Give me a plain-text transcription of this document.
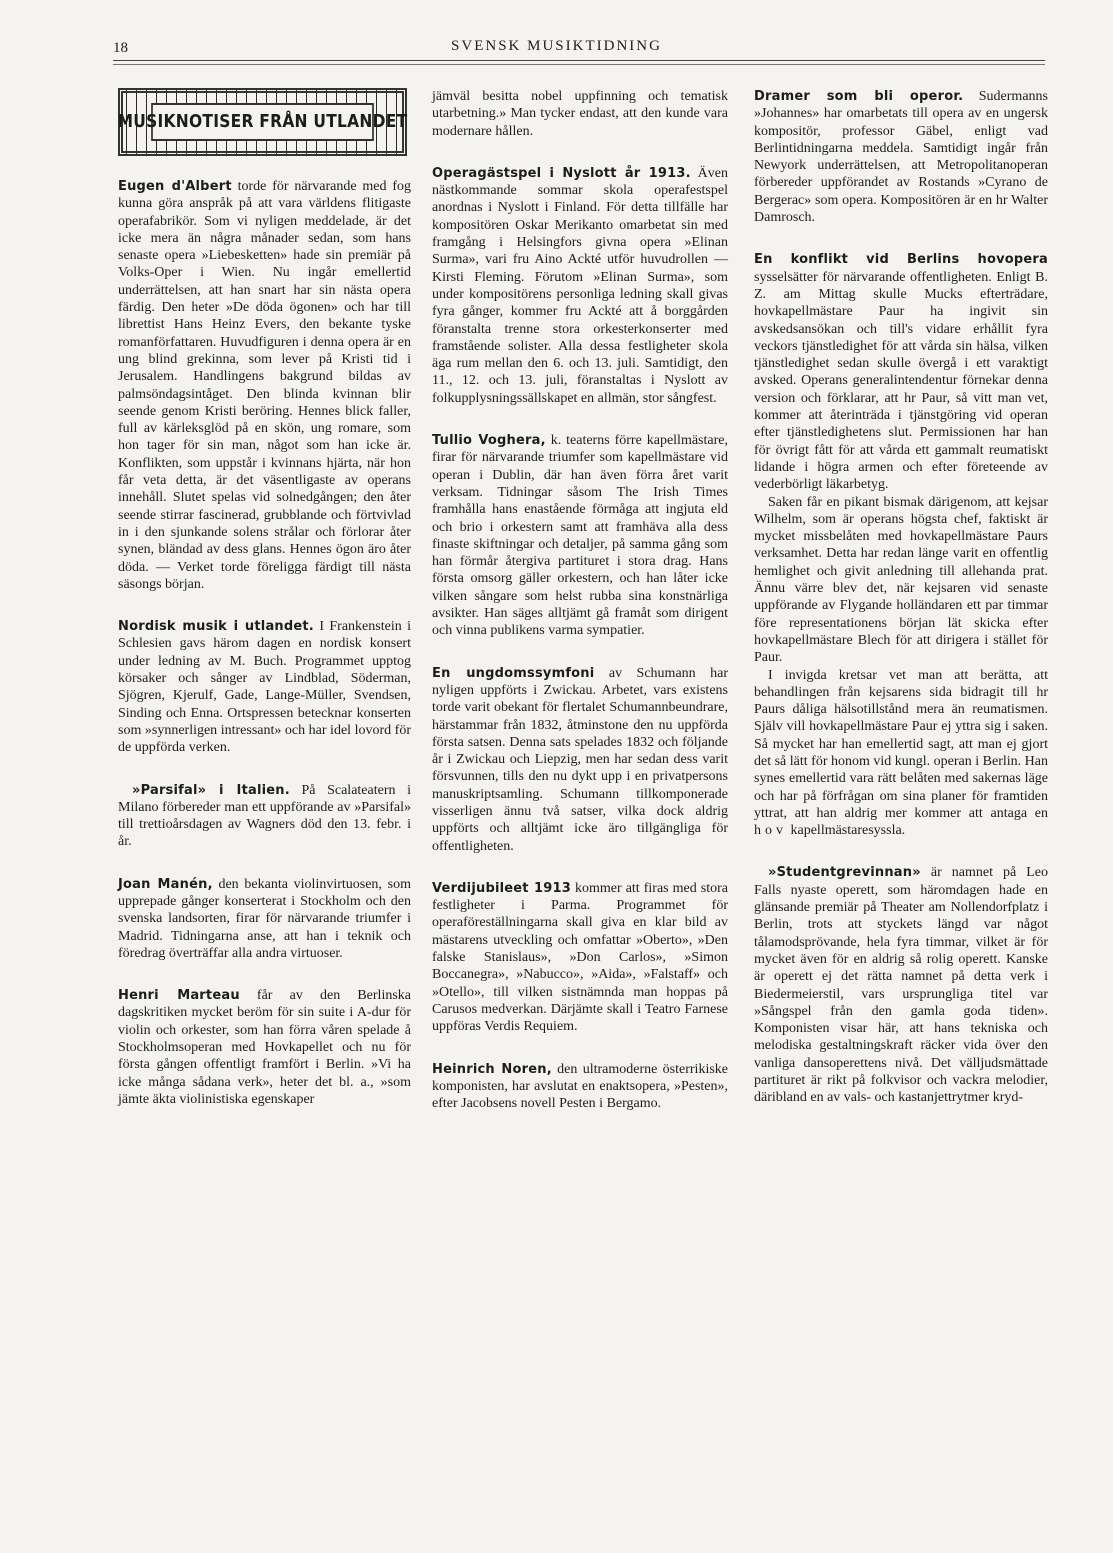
18	SVENSK MUSIKTIDNING
MUSIKNOTISER FRÅN UTLANDET

Eugen d'Albert torde för närvarande med fog kunna göra anspråk på att vara världens flitigaste operafabrikör. Som vi nyligen meddelade, är det icke mera än några månader sedan, som hans senaste opera »Liebesketten» hade sin premiär på Volks-Oper i Wien. Nu ingår emellertid underrättelsen, att han snart har sin nästa opera färdig. Den heter »De döda ögonen» och har till librettist Hans Heinz Evers, den bekante tyske romanförfattaren. Huvudfiguren i denna opera är en ung blind grekinna, som lever på Kristi tid i Jerusalem. Handlingens bakgrund bildas av palmsöndagsintåget. Den blinda kvinnan blir seende genom Kristi beröring. Hennes blick faller, full av kärleksglöd på en skön, ung romare, som hon tager för sin man, något som han icke är. Konflikten, som uppstår i kvinnans hjärta, när hon får veta detta, är det väsentligaste av operans innehåll. Slutet spelas vid solnedgången; den åter seende stirrar fascinerad, grubblande och förtvivlad in i den sjunkande solens strålar och förlorar åter synen, bländad av dess glans. Hennes ögon äro åter döda. — Verket torde föreligga färdigt till nästa säsongs början.

Nordisk musik i utlandet. I Frankenstein i Schlesien gavs härom dagen en nordisk konsert under ledning av M. Buch. Programmet upptog körsaker och sånger av Lindblad, Söderman, Sjögren, Kjerulf, Gade, Lange-Müller, Svendsen, Sinding och Enna. Ortspressen betecknar konserten som »synnerligen intressant» och har idel lovord för de uppförda verken.

»Parsifal» i Italien. På Scalateatern i Milano förbereder man ett uppförande av »Parsifal» till trettioårsdagen av Wagners död den 13. febr. i år.

Joan Manén, den bekanta violinvirtuosen, som upprepade gånger konserterat i Stockholm och den svenska landsorten, firar för närvarande triumfer i Madrid. Tidningarna anse, att han i teknik och föredrag överträffar alla andra virtuoser.

Henri Marteau får av den Berlinska dagskritiken mycket beröm för sin suite i A-dur för violin och orkester, som han förra våren spelade å Stockholmsoperan med Hovkapellet och nu för första gången offentligt framfört i Berlin. »Vi ha icke många sådana verk», heter det bl. a., »som jämte äkta violinistiska egenskaper

jämväl besitta nobel uppfinning och tematisk utarbetning.» Man tycker endast, att den kunde vara modernare hållen.

Operagästspel i Nyslott år 1913. Även nästkommande sommar skola operafestspel anordnas i Nyslott i Finland. För detta tillfälle har kompositören Oskar Merikanto omarbetat sin med framgång i Helsingfors givna opera »Elinan Surma», vari fru Aino Ackté utför huvudrollen — Kirsti Fleming. Förutom »Elinan Surma», som under kompositörens personliga ledning skall givas fyra gånger, kommer fru Ackté att å borggården föranstalta trenne stora orkesterkonserter med framstående solister. Alla dessa festligheter skola äga rum mellan den 6. och 13. juli. Samtidigt, den 11., 12. och 13. juli, föranstaltas i Nyslott av folkupplysningssällskapet en allmän, stor sångfest.

Tullio Voghera, k. teaterns förre kapellmästare, firar för närvarande triumfer som kapellmästare vid operan i Dublin, där han även förra året varit verksam. Tidningar såsom The Irish Times framhålla hans enastående förmåga att ingjuta eld och brio i orkestern samt att framhäva alla dess finaste skiftningar och detaljer, på samma gång som han förmår återgiva partituret i stora drag. Hans första omsorg gäller orkestern, och han låter icke vilken sångare som helst rubba sina konstnärliga avsikter. Han säges alltjämt gå framåt som dirigent och vinna publikens varma sympatier.

En ungdomssymfoni av Schumann har nyligen uppförts i Zwickau. Arbetet, vars existens torde varit obekant för flertalet Schumannbeundrare, härstammar från 1832, åtminstone den nu uppförda första satsen. Denna sats spelades 1832 och följande år i Zwickau och Liepzig, men har sedan dess varit försvunnen, tills den nu dykt upp i en privatpersons manuskriptsamling. Schumann tillkomponerade visserligen ännu två satser, vilka dock aldrig uppförts och alltjämt icke äro tillgängliga för offentligheten.

Verdijubileet 1913 kommer att firas med stora festligheter i Parma. Programmet för operaföreställningarna skall giva en klar bild av mästarens utveckling och omfattar »Oberto», »Den falske Stanislaus», »Don Carlos», »Simon Boccanegra», »Nabucco», »Aida», »Falstaff» och »Otello», till vilken sistnämnda man hoppas på Carusos medverkan. Därjämte skall i Teatro Farnese uppföras Verdis Requiem.

Heinrich Noren, den ultramoderne österrikiske komponisten, har avslutat en enaktsopera, »Pesten», efter Jacobsens novell Pesten i Bergamo.

Dramer som bli operor. Sudermanns »Johannes» har omarbetats till opera av en ungersk kompositör, professor Gäbel, enligt vad Berlintidningarna meddela. Samtidigt ingår från Newyork underrättelsen, att Metropolitanoperan förbereder uppförandet av Rostands »Cyrano de Bergerac» som opera. Kompositören är en hr Walter Damrosch.

En konflikt vid Berlins hovopera sysselsätter för närvarande offentligheten. Enligt B. Z. am Mittag skulle Mucks efterträdare, hovkapellmästare Paur ha ingivit sin avskedsansökan och till's vidare erhållit fyra veckors tjänstledighet för att vårda sin hälsa, vilken tjänstledighet sedan skulle övergå i ett varaktigt avsked. Operans generalintendentur förnekar denna version och förklarar, att hr Paur, så vitt man vet, kommer att återinträda i tjänstgöring vid operan efter tjänstledighetens slut. Permissionen har han för övrigt fått för att vårda ett gammalt reumatiskt lidande i högra armen och efter företeende av vederbörligt läkarbetyg.

Saken får en pikant bismak därigenom, att kejsar Wilhelm, som är operans högsta chef, faktiskt är mycket missbelåten med hovkapellmästare Paurs verksamhet. Detta har redan länge varit en offentlig hemlighet och givit anledning till allehanda prat. Ännu värre blev det, när kejsaren vid senaste uppförande av Flygande holländaren ett par timmar före representationens början lät skicka efter hovkapellmästare Blech för att dirigera i stället för Paur.

I invigda kretsar vet man att berätta, att behandlingen från kejsarens sida bidragit till hr Paurs dåliga hälsotillstånd mera än reumatismen. Själv vill hovkapellmästare Paur ej yttra sig i saken. Så mycket har han emellertid sagt, att man ej gjort det så lätt för honom vid kungl. operan i Berlin. Han synes emellertid vara rätt belåten med sakernas läge och har på förfrågan om sina planer för framtiden yttrat, att han aldrig mer kommer att antaga en hov kapellmästaresyssla.

»Studentgrevinnan» är namnet på Leo Falls nyaste operett, som häromdagen hade en glänsande premiär på Theater am Nollendorfplatz i Berlin, trots att styckets längd var något tålamodsprövande, hela fyra timmar, vilket är för mycket även för en aldrig så rolig operett. Kanske är operett ej det rätta namnet på detta verk i Biedermeierstil, vars ursprungliga titel var »Sångspel från den gamla goda tiden». Komponisten visar här, att hans tekniska och melodiska gestaltningskraft räcker vida över den vanliga dansoperettens nivå. Det välljudsmättade partituret är rikt på folkvisor och vackra melodier, däribland en av vals- och kastanjettrytmer kryd-
